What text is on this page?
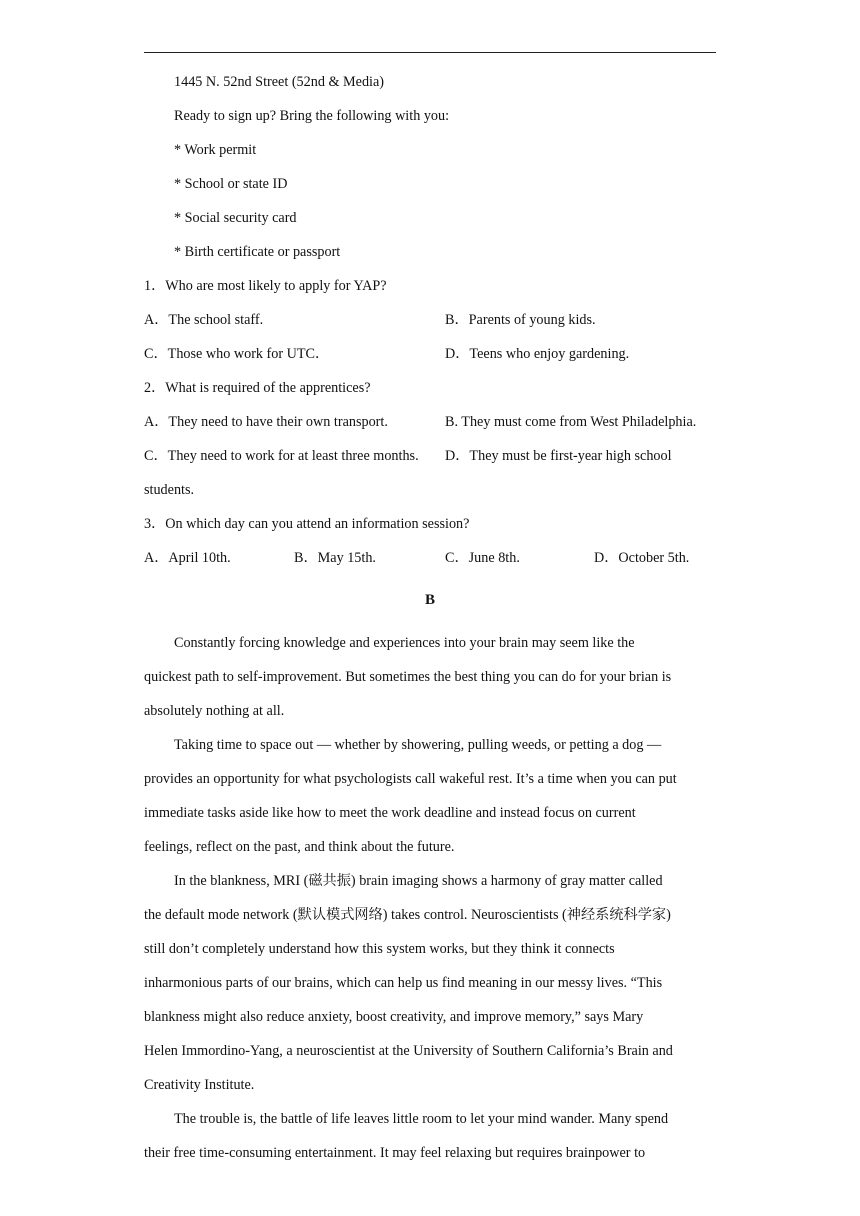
1445 N. 52nd Street (52nd & Media)
Ready to sign up? Bring the following with you:
* Work permit
* School or state ID
* Social security card
* Birth certificate or passport
1．Who are most likely to apply for YAP?
A．The school staff.	B．Parents of young kids.
C．Those who work for UTC．	D．Teens who enjoy gardening.
2．What is required of the apprentices?
A．They need to have their own transport.	B. They must come from West Philadelphia.
C．They need to work for at least three months. D．They must be first-year high school
students.
3．On which day can you attend an information session?
A．April 10th.	B．May 15th.	C．June 8th.	D．October 5th.
B
Constantly forcing knowledge and experiences into your brain may seem like the
quickest path to self-improvement. But sometimes the best thing you can do for your brian is
absolutely nothing at all.
Taking time to space out — whether by showering, pulling weeds, or petting a dog —
provides an opportunity for what psychologists call wakeful rest. It’s a time when you can put
immediate tasks aside like how to meet the work deadline and instead focus on current
feelings, reflect on the past, and think about the future.
In the blankness, MRI (磁共振) brain imaging shows a harmony of gray matter called
the default mode network (默认模式网络) takes control. Neuroscientists (神经系统科学家)
still don’t completely understand how this system works, but they think it connects
inharmonious parts of our brains, which can help us find meaning in our messy lives. “This
blankness might also reduce anxiety, boost creativity, and improve memory,” says Mary
Helen Immordino-Yang, a neuroscientist at the University of Southern California’s Brain and
Creativity Institute.
The trouble is, the battle of life leaves little room to let your mind wander. Many spend
their free time-consuming entertainment. It may feel relaxing but requires brainpower to
